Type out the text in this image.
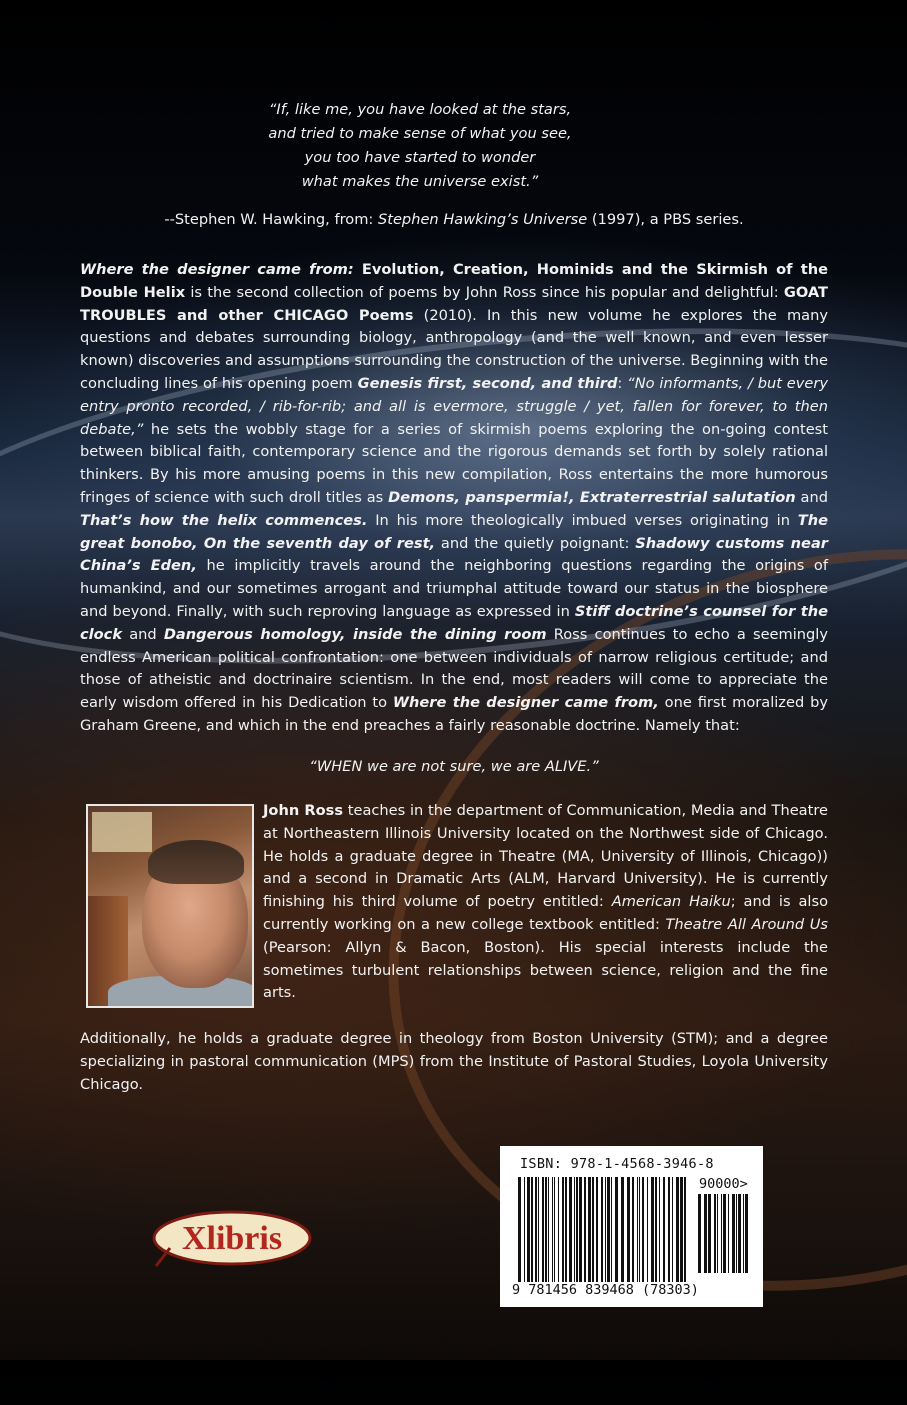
“If, like me, you have looked at the stars,
and tried to make sense of what you see,
you too have started to wonder
what makes the universe exist.”
--Stephen W. Hawking, from: Stephen Hawking’s Universe (1997), a PBS series.
Where the designer came from: Evolution, Creation, Hominids and the Skirmish of the Double Helix is the second collection of poems by John Ross since his popular and delightful: GOAT TROUBLES and other CHICAGO Poems (2010). In this new volume he explores the many questions and debates surrounding biology, anthropology (and the well known, and even lesser known) discoveries and assumptions surrounding the construction of the universe. Beginning with the concluding lines of his opening poem Genesis first, second, and third: “No informants, / but every entry pronto recorded, / rib-for-rib; and all is evermore, struggle / yet, fallen for forever, to then debate,” he sets the wobbly stage for a series of skirmish poems exploring the on-going contest between biblical faith, contemporary science and the rigorous demands set forth by solely rational thinkers. By his more amusing poems in this new compilation, Ross entertains the more humorous fringes of science with such droll titles as Demons, panspermia!, Extraterrestrial salutation and That’s how the helix commences. In his more theologically imbued verses originating in The great bonobo, On the seventh day of rest, and the quietly poignant: Shadowy customs near China’s Eden, he implicitly travels around the neighboring questions regarding the origins of humankind, and our sometimes arrogant and triumphal attitude toward our status in the biosphere and beyond. Finally, with such reproving language as expressed in Stiff doctrine’s counsel for the clock and Dangerous homology, inside the dining room Ross continues to echo a seemingly endless American political confrontation: one between individuals of narrow religious certitude; and those of atheistic and doctrinaire scientism. In the end, most readers will come to appreciate the early wisdom offered in his Dedication to Where the designer came from, one first moralized by Graham Greene, and which in the end preaches a fairly reasonable doctrine. Namely that:
“WHEN we are not sure, we are ALIVE.”
Additionally, he holds a graduate degree in theology from Boston University (STM); and a degree specializing in pastoral communication (MPS) from the Institute of Pastoral Studies, Loyola University Chicago.
John Ross teaches in the department of Communication, Media and Theatre at Northeastern Illinois University located on the Northwest side of Chicago. He holds a graduate degree in Theatre (MA, University of Illinois, Chicago)) and a second in Dramatic Arts (ALM, Harvard University). He is currently finishing his third volume of poetry entitled: American Haiku; and is also currently working on a new college textbook entitled: Theatre All Around Us (Pearson: Allyn & Bacon, Boston). His special interests include the sometimes turbulent relationships between science, religion and the fine arts.
Xlibris
ISBN: 978-1-4568-3946-8
90000>
9 781456 839468 (78303)
